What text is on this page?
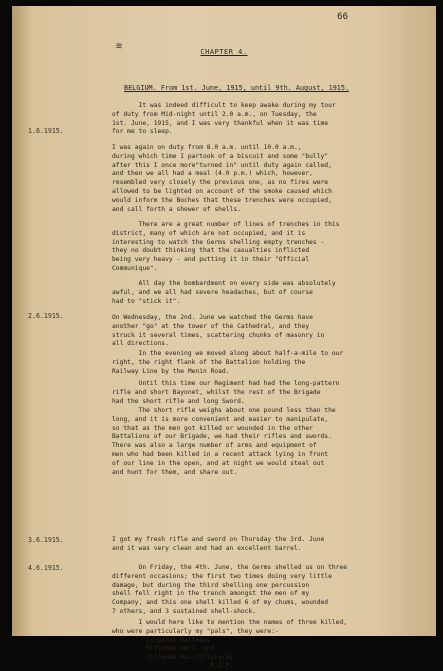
66
≋	CHAPTER 4.
BELGIUM. From 1st. June, 1915, until 9th. August, 1915.
1.6.1915.
2.6.1915.
3.6.1915.
4.6.1915.

It was indeed difficult to keep awake during my tour
of duty from Mid-night until 2.0 a.m., on Tuesday, the
1st. June, 1915, and I was very thankful when it was time
for me to sleep.

I was again on duty from 8.0 a.m. until 10.0 a.m.,
during which time I partook of a biscuit and some "bully"
after this I once more"turned in" until duty again called,
and then we all had a meal (4.0 p.m.) which, however,
resembled very closely the previous one, as no fires were
allowed to be lighted on account of the smoke caused which
would inform the Boches that these trenches were occupied,
and call forth a shower of shells.

There are a great number of lines of trenches in this
district, many of which are not occupied, and it is
interesting to watch the Germs shelling empty trenches -
they no doubt thinking that the casualties inflicted
being very heavy - and putting it in their "Official
Communique".

All day the bombardment on every side was absolutely
awful, and we all had severe headaches, but of course
had to "stick it".

On Wednesday, the 2nd. June we watched the Germs have
another "go" at the tower of the Cathedral, and they
struck it several times, scattering chunks of masonry in
all directions.

In the evening we moved along about half-a-mile to our
right, the right flank of the Battalion holding the
Railway Line by the Menin Road.

Until this time our Regiment had had the long-pattern
rifle and short Bayonet, whilst the rest of the Brigade
had the short rifle and long Sword.

The short rifle weighs about one pound less than the
long, and it is more convenient and easier to manipulate,
so that as the men got killed or wounded in the other
Battalions of our Brigade, we had their rifles and swords.
There was also a large number of arms and equipment of
men who had been killed in a recent attack lying in front
of our line in the open, and at night we would steal out
and hunt for them, and share out.

I got my fresh rifle and sword on Thursday the 3rd. June
and it was very clean and had an excellent barrel.

On Friday, the 4th. June, the Germs shelled us on three
different occasions; the first two times doing very little
damage, but during the third shelling one percussion
shell fell right in the trench amongst the men of my
Company, and this one shell killed 6 of my chums, wounded
7 others, and 3 sustained shell-shock.

I would here like to mention the names of three killed,
who were particularly my "pals", they were:-
Corporal Matthews,
Rifleman Kerl, and
Rifleman Mac.Gillervray.

R.I.P.
